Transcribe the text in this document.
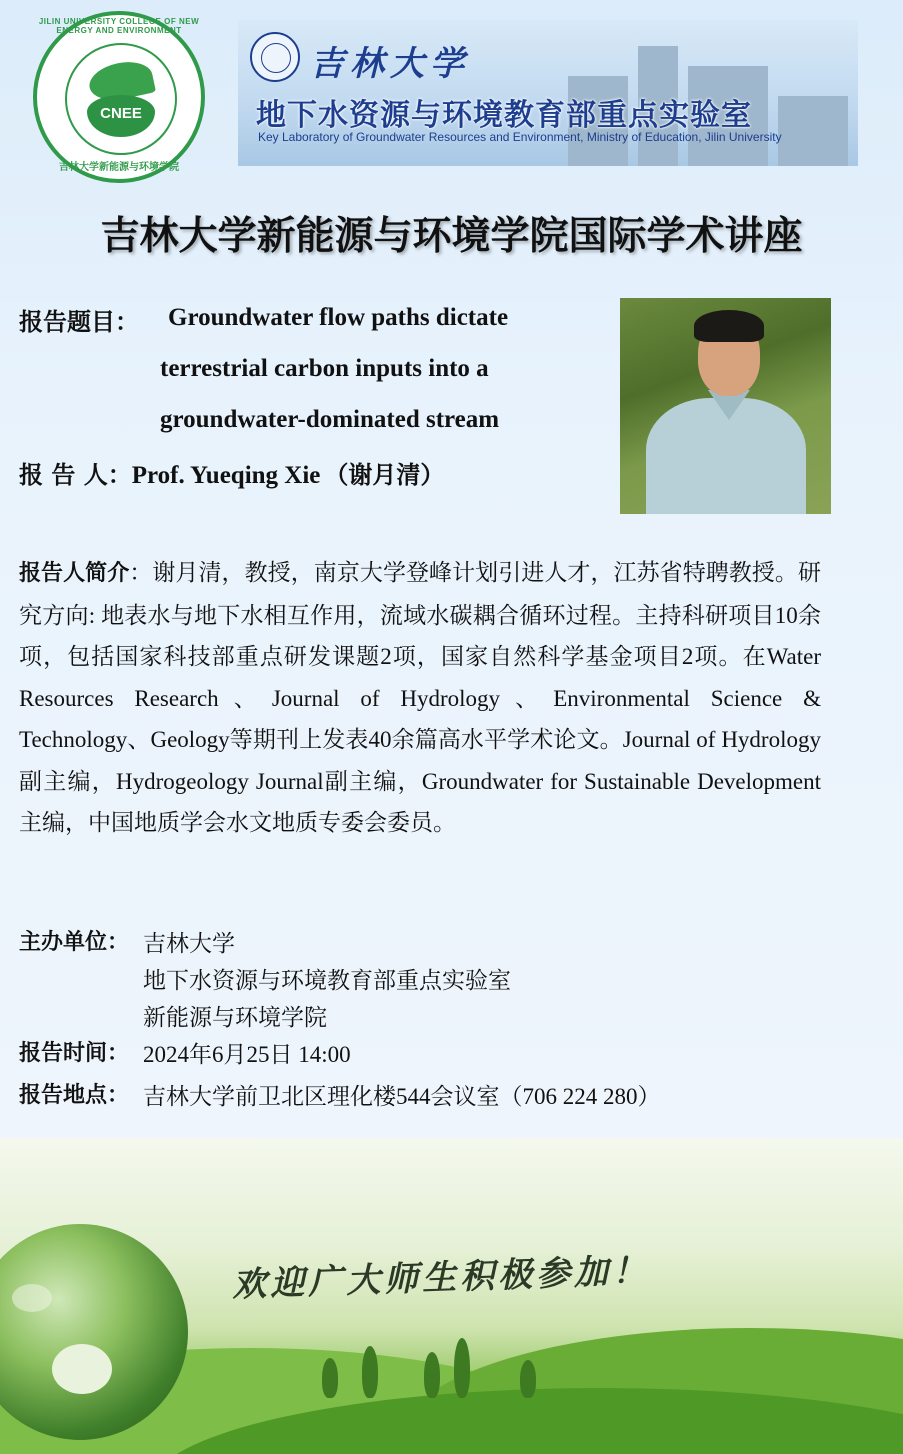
JILIN UNIVERSITY COLLEGE OF NEW ENERGY AND ENVIRONMENT
CNEE
吉林大学新能源与环境学院
吉林大学
地下水资源与环境教育部重点实验室
Key Laboratory of Groundwater Resources and Environment, Ministry of Education, Jilin University
吉林大学新能源与环境学院国际学术讲座
报告题目：	Groundwater flow paths dictate
terrestrial carbon inputs into a
groundwater-dominated stream
报 告 人：Prof. Yueqing Xie （谢月清）
报告人简介：谢月清，教授，南京大学登峰计划引进人才，江苏省特聘教授。研究方向: 地表水与地下水相互作用，流域水碳耦合循环过程。主持科研项目10余项，包括国家科技部重点研发课题2项，国家自然科学基金项目2项。在Water Resources Research、Journal of Hydrology、Environmental Science & Technology、Geology等期刊上发表40余篇高水平学术论文。Journal of Hydrology 副主编，Hydrogeology Journal副主编，Groundwater for Sustainable Development主编，中国地质学会水文地质专委会委员。
主办单位： 吉林大学
地下水资源与环境教育部重点实验室
新能源与环境学院
报告时间： 2024年6月25日 14:00
报告地点： 吉林大学前卫北区理化楼544会议室（706 224 280）
欢迎广大师生积极参加！
